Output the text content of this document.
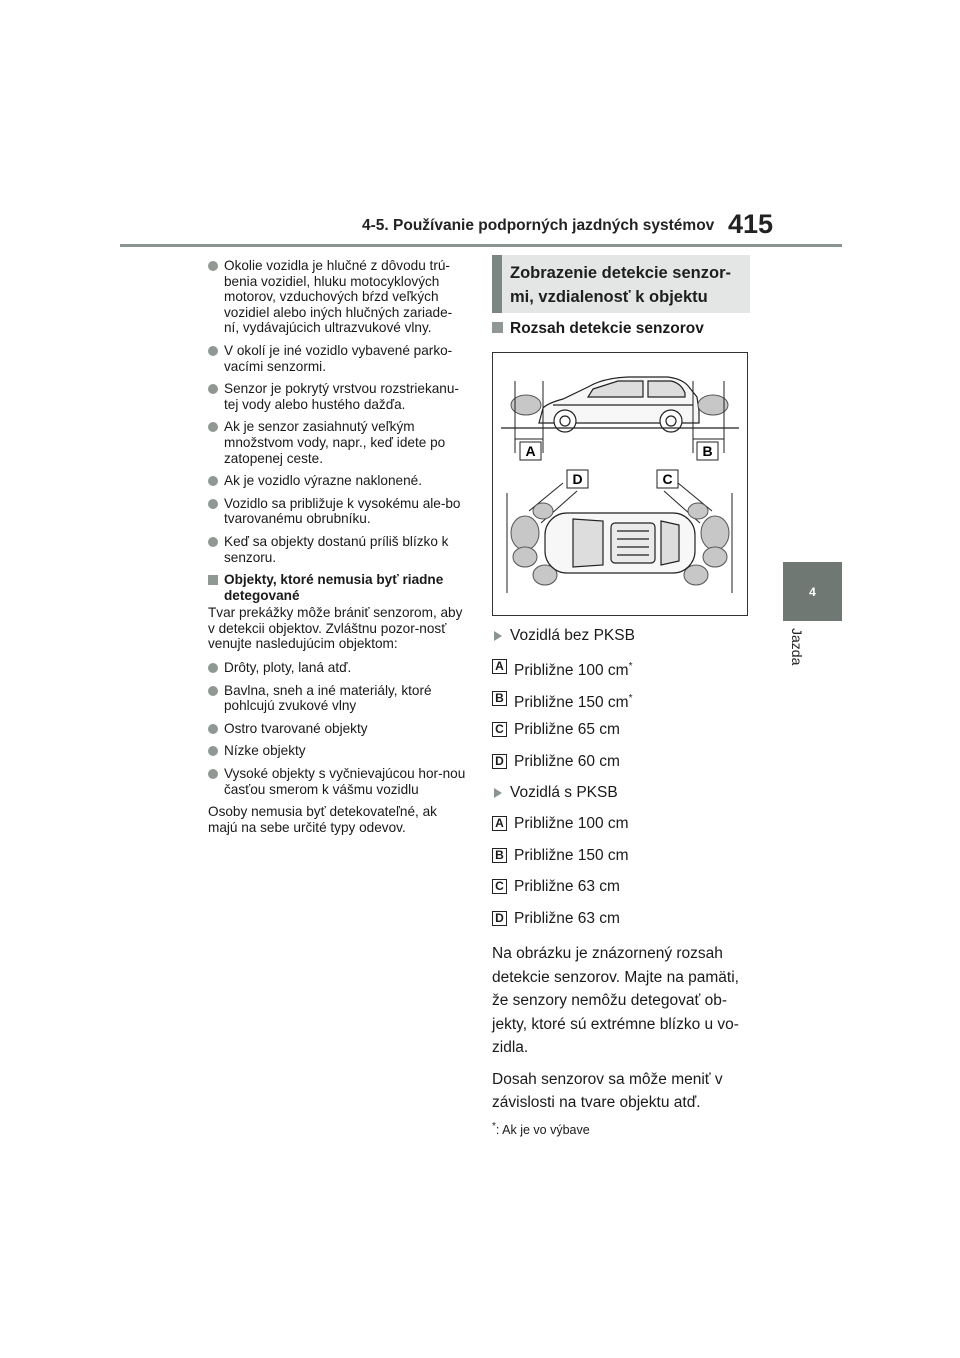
4-5. Používanie podporných jazdných systémov 415
4
Jazda
Okolie vozidla je hlučné z dôvodu trú-benia vozidiel, hluku motocyklových motorov, vzduchových bŕzd veľkých vozidiel alebo iných hlučných zariade-ní, vydávajúcich ultrazvukové vlny.
V okolí je iné vozidlo vybavené parko-vacími senzormi.
Senzor je pokrytý vrstvou rozstriekanu-tej vody alebo hustého dažďa.
Ak je senzor zasiahnutý veľkým množstvom vody, napr., keď idete po zatopenej ceste.
Ak je vozidlo výrazne naklonené.
Vozidlo sa približuje k vysokému ale-bo tvarovanému obrubníku.
Keď sa objekty dostanú príliš blízko k senzoru.
Objekty, ktoré nemusia byť riadne detegované
Tvar prekážky môže brániť senzorom, aby v detekcii objektov. Zvláštnu pozor-nosť venujte nasledujúcim objektom:
Drôty, ploty, laná atď.
Bavlna, sneh a iné materiály, ktoré pohlcujú zvukové vlny
Ostro tvarované objekty
Nízke objekty
Vysoké objekty s vyčnievajúcou hor-nou časťou smerom k vášmu vozidlu
Osoby nemusia byť detekovateľné, ak majú na sebe určité typy odevov.
Zobrazenie detekcie senzor-
mi, vzdialenosť k objektu
Rozsah detekcie senzorov
A	B
D	C
Vozidlá bez PKSB
A Približne 100 cm*
B Približne 150 cm*
C Približne 65 cm
D Približne 60 cm
Vozidlá s PKSB
A Približne 100 cm
B Približne 150 cm
C Približne 63 cm
D Približne 63 cm
Na obrázku je znázornený rozsah detekcie senzorov. Majte na pamäti, že senzory nemôžu detegovať ob-jekty, ktoré sú extrémne blízko u vo-zidla.
Dosah senzorov sa môže meniť v závislosti na tvare objektu atď.
*: Ak je vo výbave
